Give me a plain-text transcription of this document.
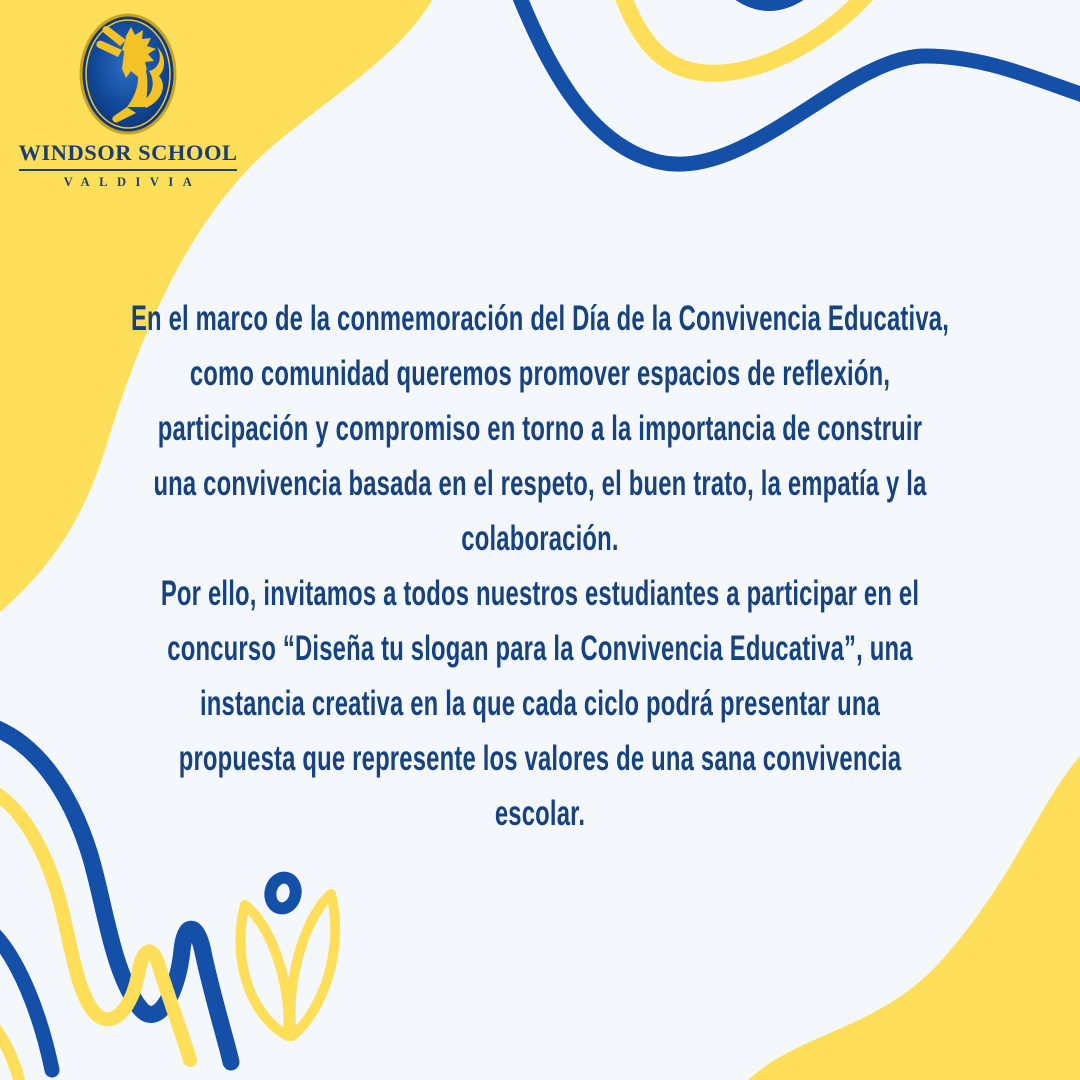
WINDSOR SCHOOL
VALDIVIA
En el marco de la conmemoración del Día de la Convivencia Educativa,
como comunidad queremos promover espacios de reflexión,
participación y compromiso en torno a la importancia de construir
una convivencia basada en el respeto, el buen trato, la empatía y la
colaboración.
Por ello, invitamos a todos nuestros estudiantes a participar en el
concurso “Diseña tu slogan para la Convivencia Educativa”, una
instancia creativa en la que cada ciclo podrá presentar una
propuesta que represente los valores de una sana convivencia
escolar.
